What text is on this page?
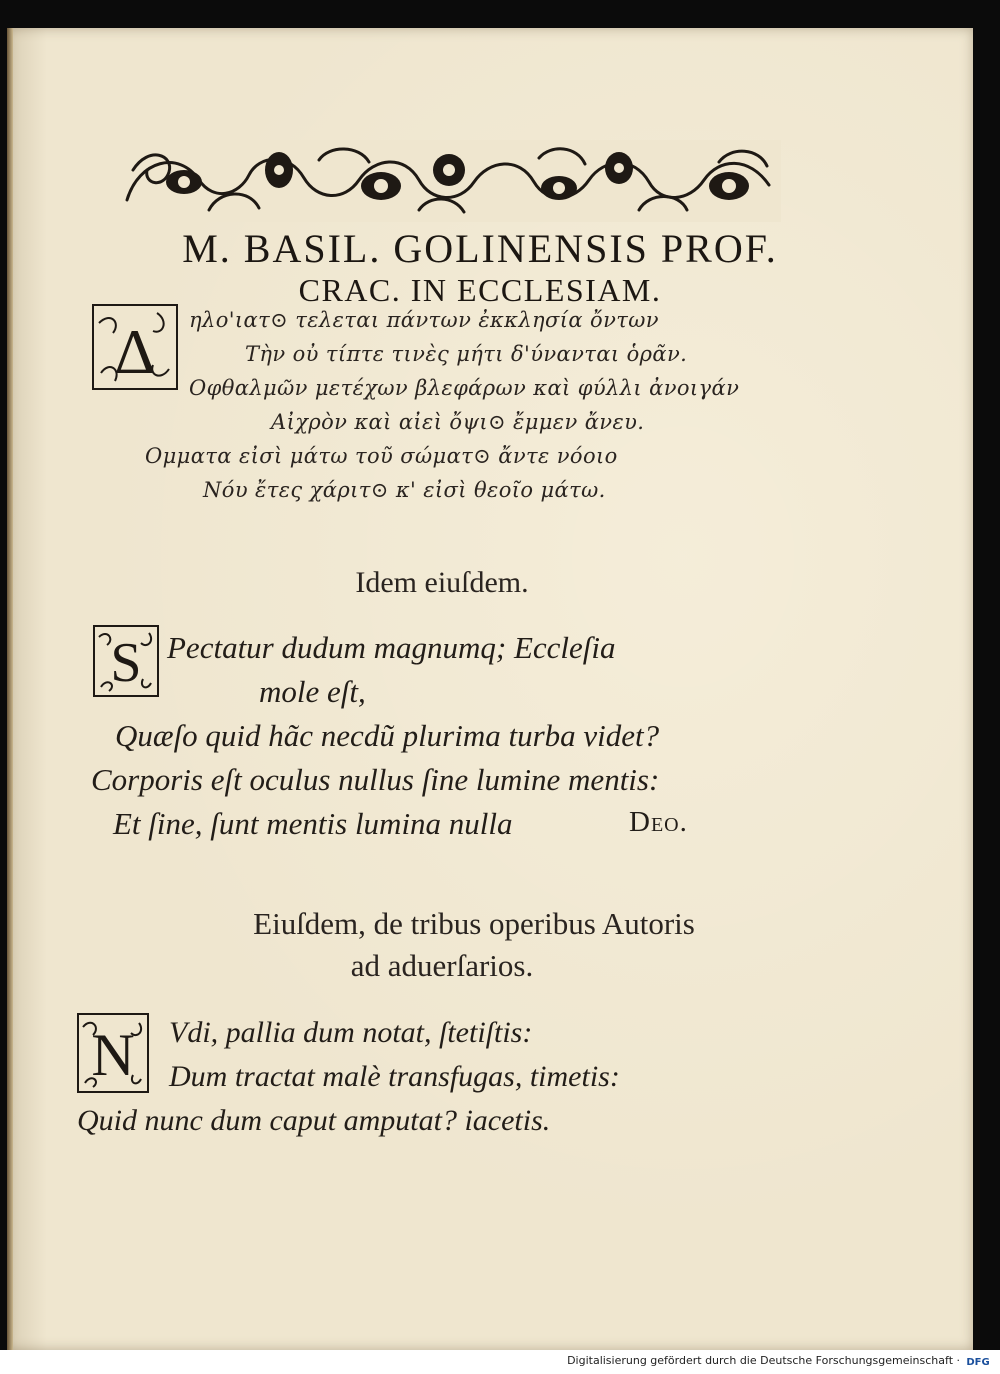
M. BASIL. GOLINENSIS PROF.
CRAC. IN ECCLESIAM.
Δ ηλο'ιατ⊙ τελεται πάντων ἐκκλησία ὄντων
Τὴν οὐ τίπτε τινὲς μήτι δ'ύνανται ὁρᾶν.
Οφθαλμῶν μετέχων βλεφάρων καὶ φύλλι ἀνοιγάν
Αἰχρὸν καὶ αἰεὶ ὄψι⊙ ἔμμεν ἄνευ.
Ομματα εἰσὶ μάτω τοῦ σώματ⊙ ἄντε νόοιο
Νόυ ἔτες χάριτ⊙ κ' εἰσὶ θεοῖο μάτω.
Idem eiuſdem.
S Pectatur dudum magnumq; Eccleſia
mole eſt,
Quæſo quid hãc necdũ plurima turba videt?
Corporis eſt oculus nullus ſine lumine mentis:
Et ſine, ſunt mentis lumina nulla	Deo.
Eiuſdem, de tribus operibus Autoris
ad aduerſarios.
N Vdi, pallia dum notat, ſtetiſtis:
Dum tractat malè transfugas, timetis:
Quid nunc dum caput amputat? iacetis.
Digitalisierung gefördert durch die Deutsche Forschungsgemeinschaft · DFG
